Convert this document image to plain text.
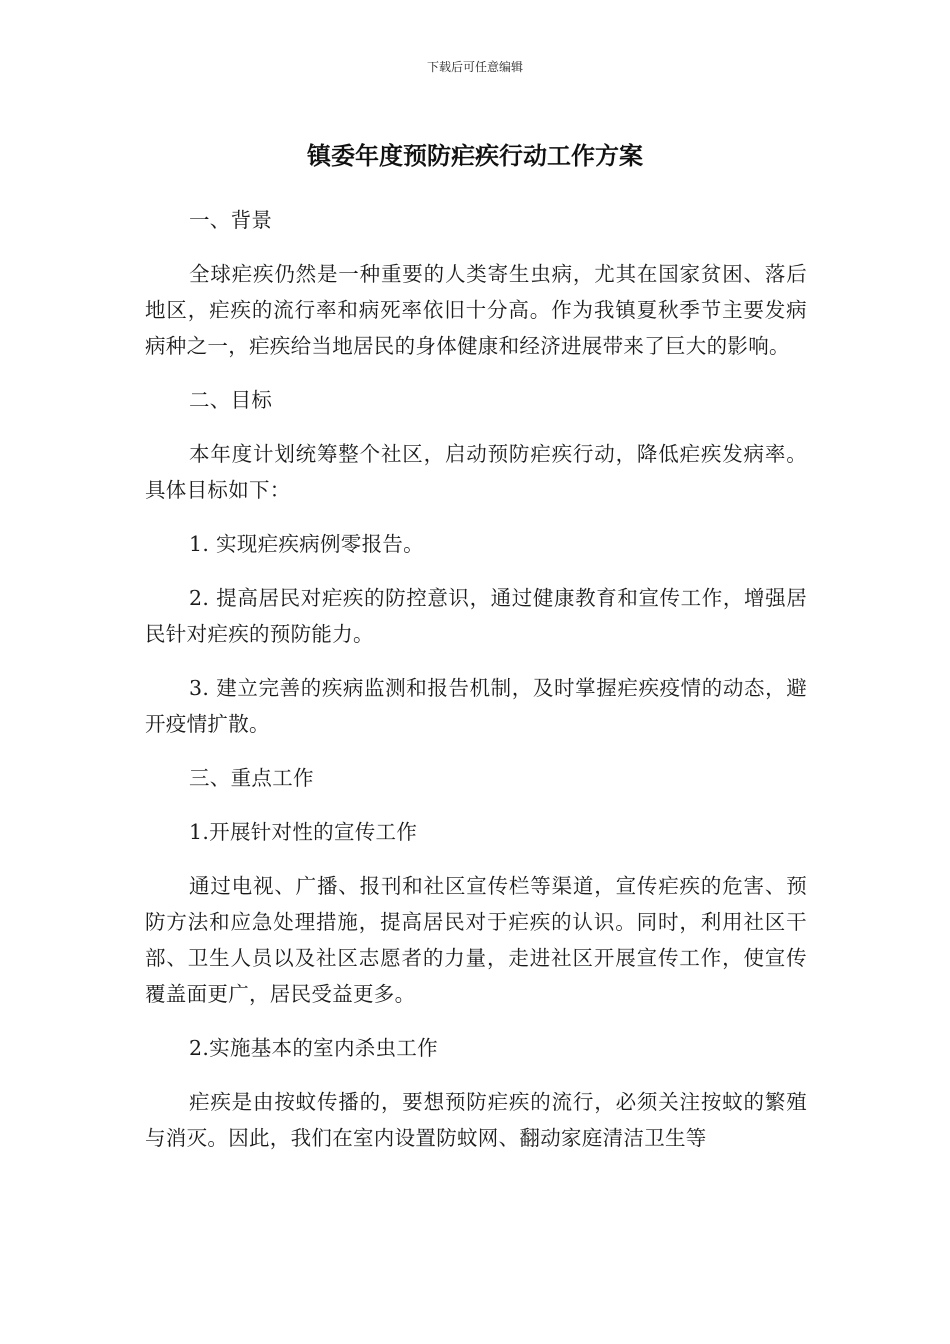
下载后可任意编辑
镇委年度预防疟疾行动工作方案

一、背景

全球疟疾仍然是一种重要的人类寄生虫病，尤其在国家贫困、落后地区，疟疾的流行率和病死率依旧十分高。作为我镇夏秋季节主要发病病种之一，疟疾给当地居民的身体健康和经济进展带来了巨大的影响。

二、目标

本年度计划统筹整个社区，启动预防疟疾行动，降低疟疾发病率。具体目标如下：

1. 实现疟疾病例零报告。

2. 提高居民对疟疾的防控意识，通过健康教育和宣传工作，增强居民针对疟疾的预防能力。

3. 建立完善的疾病监测和报告机制，及时掌握疟疾疫情的动态，避开疫情扩散。

三、重点工作

1.开展针对性的宣传工作

通过电视、广播、报刊和社区宣传栏等渠道，宣传疟疾的危害、预防方法和应急处理措施，提高居民对于疟疾的认识。同时，利用社区干部、卫生人员以及社区志愿者的力量，走进社区开展宣传工作，使宣传覆盖面更广，居民受益更多。

2.实施基本的室内杀虫工作

疟疾是由按蚊传播的，要想预防疟疾的流行，必须关注按蚊的繁殖与消灭。因此，我们在室内设置防蚊网、翻动家庭清洁卫生等
